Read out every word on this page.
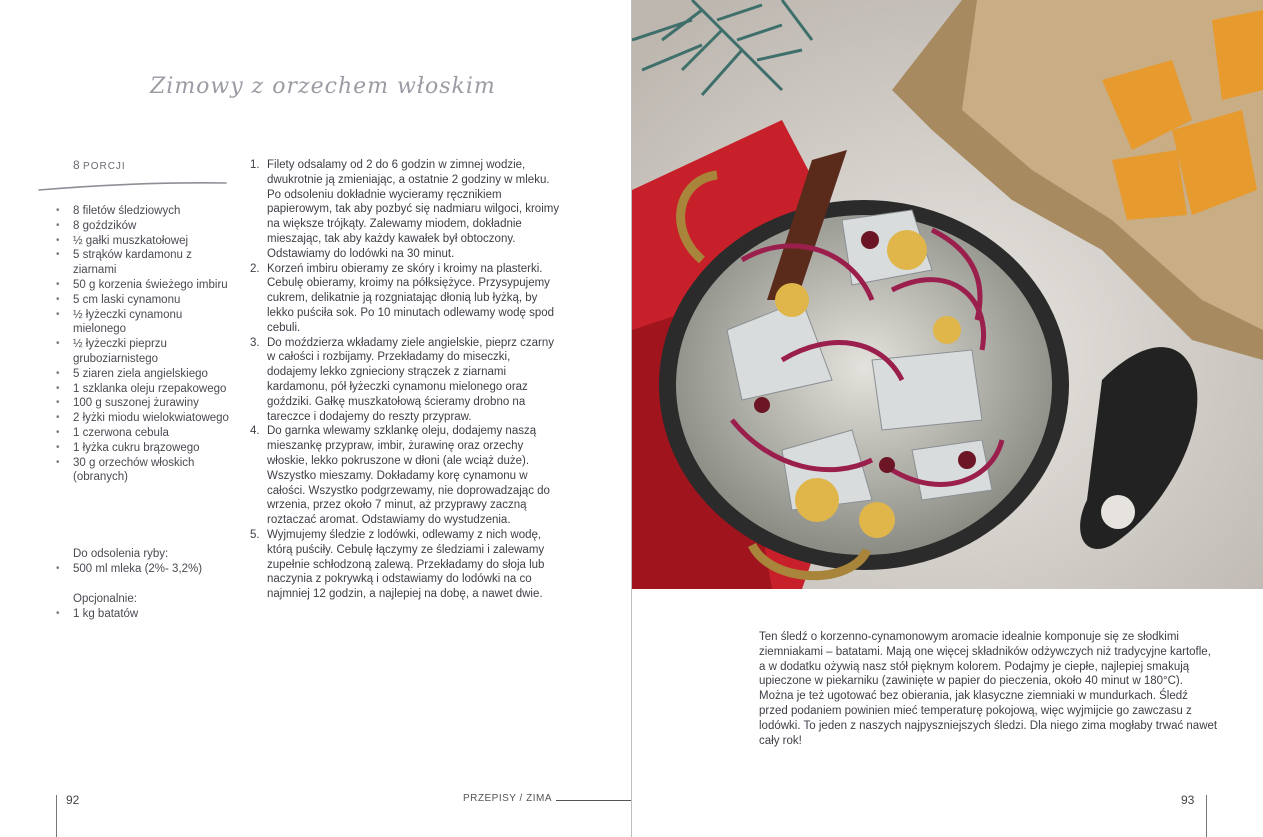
Zimowy z orzechem włoskim
8 PORCJI
• 8 filetów śledziowych
• 8 goździków
• ½ gałki muszkatołowej
• 5 strąków kardamonu z ziarnami
• 50 g korzenia świeżego imbiru
• 5 cm laski cynamonu
• ½ łyżeczki cynamonu mielonego
• ½ łyżeczki pieprzu gruboziarnistego
• 5 ziaren ziela angielskiego
• 1 szklanka oleju rzepakowego
• 100 g suszonej żurawiny
• 2 łyżki miodu wielokwiatowego
• 1 czerwona cebula
• 1 łyżka cukru brązowego
• 30 g orzechów włoskich (obranych)
Do odsolenia ryby:
• 500 ml mleka (2%- 3,2%)
Opcjonalnie:
• 1 kg batatów
1. Filety odsalamy od 2 do 6 godzin w zimnej wodzie, dwukrotnie ją zmieniając, a ostatnie 2 godziny w mleku. Po odsoleniu dokładnie wycieramy ręcznikiem papierowym, tak aby pozbyć się nadmiaru wilgoci, kroimy na większe trójkąty. Zalewamy miodem, dokładnie mieszając, tak aby każdy kawałek był obtoczony. Odstawiamy do lodówki na 30 minut.
2. Korzeń imbiru obieramy ze skóry i kroimy na plasterki. Cebulę obieramy, kroimy na półksiężyce. Przysypujemy cukrem, delikatnie ją rozgniatając dłonią lub łyżką, by lekko puściła sok. Po 10 minutach odlewamy wodę spod cebuli.
3. Do moździerza wkładamy ziele angielskie, pieprz czarny w całości i rozbijamy. Przekładamy do miseczki, dodajemy lekko zgnieciony strączek z ziarnami kardamonu, pół łyżeczki cynamonu mielonego oraz goździki. Gałkę muszkatołową ścieramy drobno na tareczce i dodajemy do reszty przypraw.
4. Do garnka wlewamy szklankę oleju, dodajemy naszą mieszankę przypraw, imbir, żurawinę oraz orzechy włoskie, lekko pokruszone w dłoni (ale wciąż duże). Wszystko mieszamy. Dokładamy korę cynamonu w całości. Wszystko podgrzewamy, nie doprowadzając do wrzenia, przez około 7 minut, aż przyprawy zaczną roztaczać aromat. Odstawiamy do wystudzenia.
5. Wyjmujemy śledzie z lodówki, odlewamy z nich wodę, którą puściły. Cebulę łączymy ze śledziami i zalewamy zupełnie schłodzoną zalewą. Przekładamy do słoja lub naczynia z pokrywką i odstawiamy do lodówki na co najmniej 12 godzin, a najlepiej na dobę, a nawet dwie.
92	PRZEPISY / ZIMA
Ten śledź o korzenno-cynamonowym aromacie idealnie komponuje się ze słodkimi ziemniakami – batatami. Mają one więcej składników odżywczych niż tradycyjne kartofle, a w dodatku ożywią nasz stół pięknym kolorem. Podajmy je ciepłe, najlepiej smakują upieczone w piekarniku (zawinięte w papier do pieczenia, około 40 minut w 180°C). Można je też ugotować bez obierania, jak klasyczne ziemniaki w mundurkach. Śledź przed podaniem powinien mieć temperaturę pokojową, więc wyjmijcie go zawczasu z lodówki. To jeden z naszych najpyszniejszych śledzi. Dla niego zima mogłaby trwać nawet cały rok!
93
